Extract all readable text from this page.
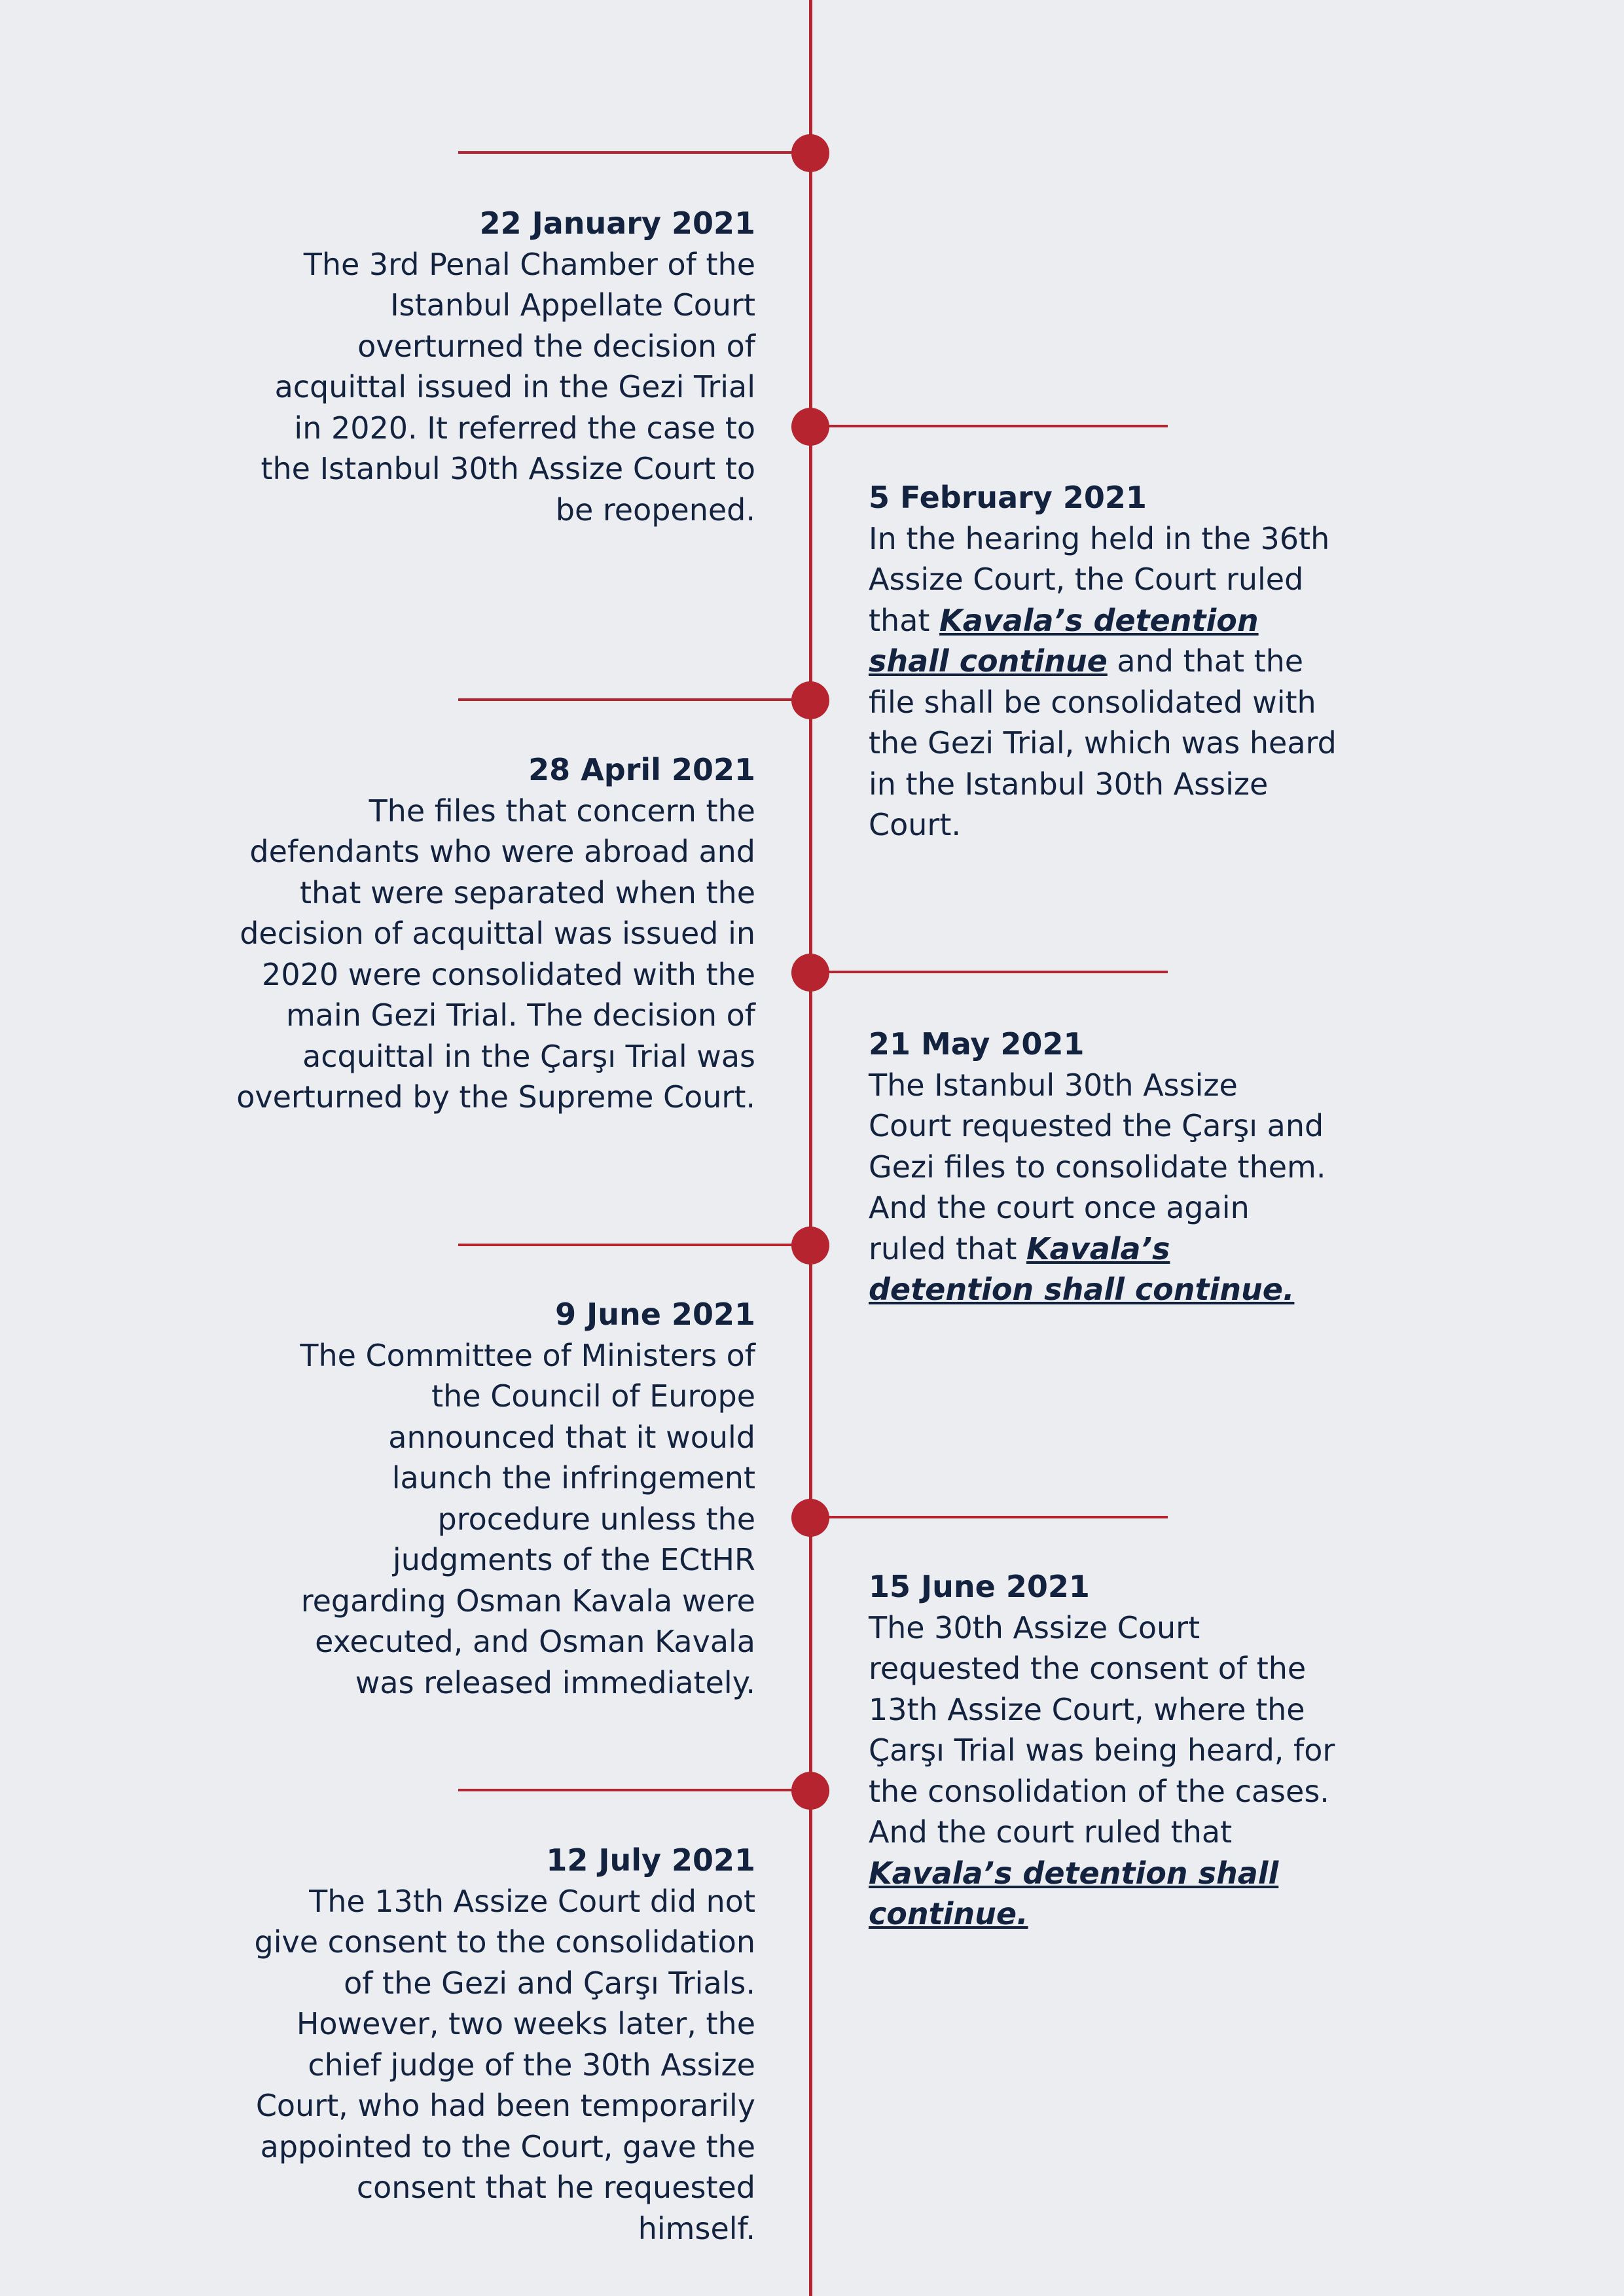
22 January 2021
The 3rd Penal Chamber of the Istanbul Appellate Court overturned the decision of acquittal issued in the Gezi Trial in 2020. It referred the case to the Istanbul 30th Assize Court to be reopened.	5 February 2021
In the hearing held in the 36th Assize Court, the Court ruled that Kavala’s detention shall continue and that the file shall be consolidated with the Gezi Trial, which was heard in the Istanbul 30th Assize Court.
28 April 2021
The files that concern the defendants who were abroad and that were separated when the decision of acquittal was issued in 2020 were consolidated with the main Gezi Trial. The decision of acquittal in the Çarşı Trial was overturned by the Supreme Court.
21 May 2021
The Istanbul 30th Assize Court requested the Çarşı and Gezi files to consolidate them. And the court once again ruled that Kavala’s detention shall continue.
9 June 2021
The Committee of Ministers of the Council of Europe announced that it would launch the infringement procedure unless the judgments of the ECtHR regarding Osman Kavala were executed, and Osman Kavala was released immediately.
15 June 2021
The 30th Assize Court requested the consent of the 13th Assize Court, where the Çarşı Trial was being heard, for the consolidation of the cases. And the court ruled that Kavala’s detention shall continue.
12 July 2021
The 13th Assize Court did not give consent to the consolidation of the Gezi and Çarşı Trials. However, two weeks later, the chief judge of the 30th Assize Court, who had been temporarily appointed to the Court, gave the consent that he requested himself.
